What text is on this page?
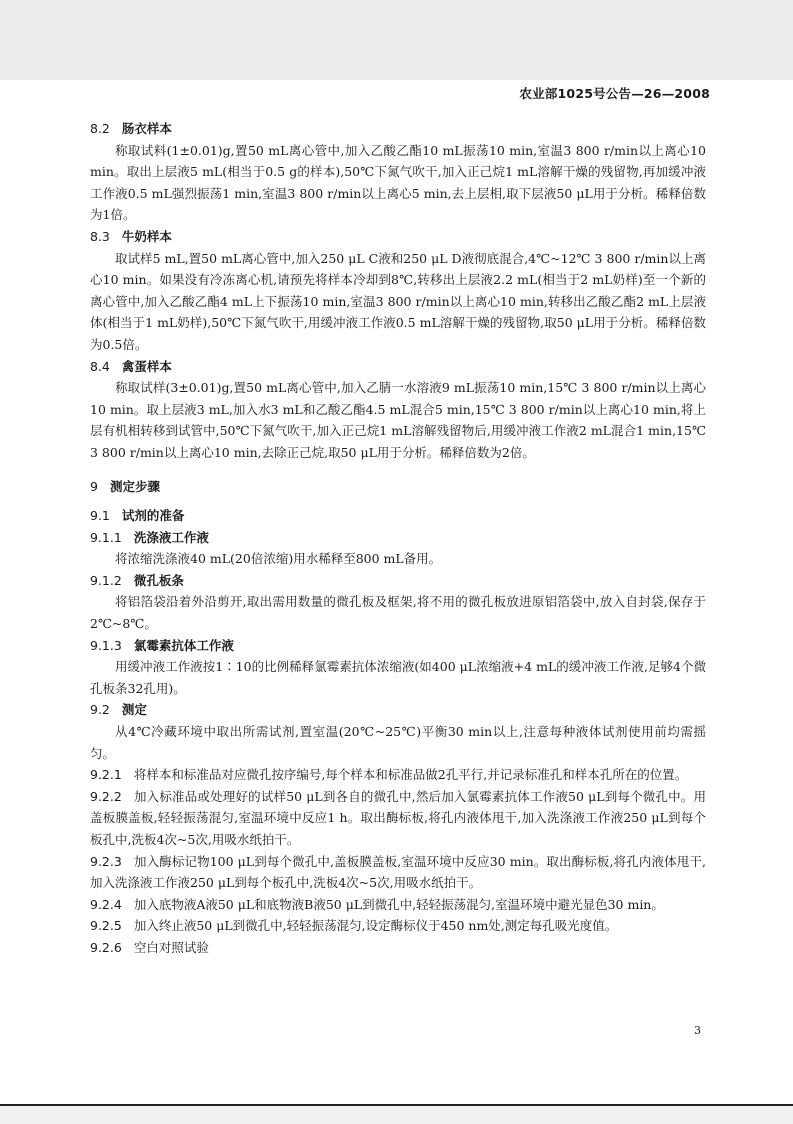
农业部1025号公告—26—2008
8.2 肠衣样本

称取试料(1±0.01)g,置50 mL离心管中,加入乙酸乙酯10 mL振荡10 min,室温3 800 r/min以上离心10 min。取出上层液5 mL(相当于0.5 g的样本),50℃下氮气吹干,加入正己烷1 mL溶解干燥的残留物,再加缓冲液工作液0.5 mL强烈振荡1 min,室温3 800 r/min以上离心5 min,去上层相,取下层液50 μL用于分析。稀释倍数为1倍。

8.3 牛奶样本

取试样5 mL,置50 mL离心管中,加入250 μL C液和250 μL D液彻底混合,4℃~12℃ 3 800 r/min以上离心10 min。如果没有冷冻离心机,请预先将样本冷却到8℃,转移出上层液2.2 mL(相当于2 mL奶样)至一个新的离心管中,加入乙酸乙酯4 mL上下振荡10 min,室温3 800 r/min以上离心10 min,转移出乙酸乙酯2 mL上层液体(相当于1 mL奶样),50℃下氮气吹干,用缓冲液工作液0.5 mL溶解干燥的残留物,取50 μL用于分析。稀释倍数为0.5倍。

8.4 禽蛋样本

称取试样(3±0.01)g,置50 mL离心管中,加入乙腈一水溶液9 mL振荡10 min,15℃ 3 800 r/min以上离心10 min。取上层液3 mL,加入水3 mL和乙酸乙酯4.5 mL混合5 min,15℃ 3 800 r/min以上离心10 min,将上层有机相转移到试管中,50℃下氮气吹干,加入正己烷1 mL溶解残留物后,用缓冲液工作液2 mL混合1 min,15℃ 3 800 r/min以上离心10 min,去除正己烷,取50 μL用于分析。稀释倍数为2倍。

9 测定步骤
9.1 试剂的准备
9.1.1 洗涤液工作液

将浓缩洗涤液40 mL(20倍浓缩)用水稀释至800 mL备用。

9.1.2 微孔板条

将铝箔袋沿着外沿剪开,取出需用数量的微孔板及框架,将不用的微孔板放进原铝箔袋中,放入自封袋,保存于2℃~8℃。

9.1.3 氯霉素抗体工作液

用缓冲液工作液按1∶10的比例稀释氯霉素抗体浓缩液(如400 μL浓缩液+4 mL的缓冲液工作液,足够4个微孔板条32孔用)。

9.2 测定

从4℃冷藏环境中取出所需试剂,置室温(20℃~25℃)平衡30 min以上,注意每种液体试剂使用前均需摇匀。

9.2.1 将样本和标准品对应微孔按序编号,每个样本和标准品做2孔平行,并记录标准孔和样本孔所在的位置。

9.2.2 加入标准品或处理好的试样50 μL到各自的微孔中,然后加入氯霉素抗体工作液50 μL到每个微孔中。用盖板膜盖板,轻轻振荡混匀,室温环境中反应1 h。取出酶标板,将孔内液体甩干,加入洗涤液工作液250 μL到每个板孔中,洗板4次~5次,用吸水纸拍干。

9.2.3 加入酶标记物100 μL到每个微孔中,盖板膜盖板,室温环境中反应30 min。取出酶标板,将孔内液体甩干,加入洗涤液工作液250 μL到每个板孔中,洗板4次~5次,用吸水纸拍干。

9.2.4 加入底物液A液50 μL和底物液B液50 μL到微孔中,轻轻振荡混匀,室温环境中避光显色30 min。

9.2.5 加入终止液50 μL到微孔中,轻轻振荡混匀,设定酶标仪于450 nm处,测定每孔吸光度值。

9.2.6 空白对照试验

3
